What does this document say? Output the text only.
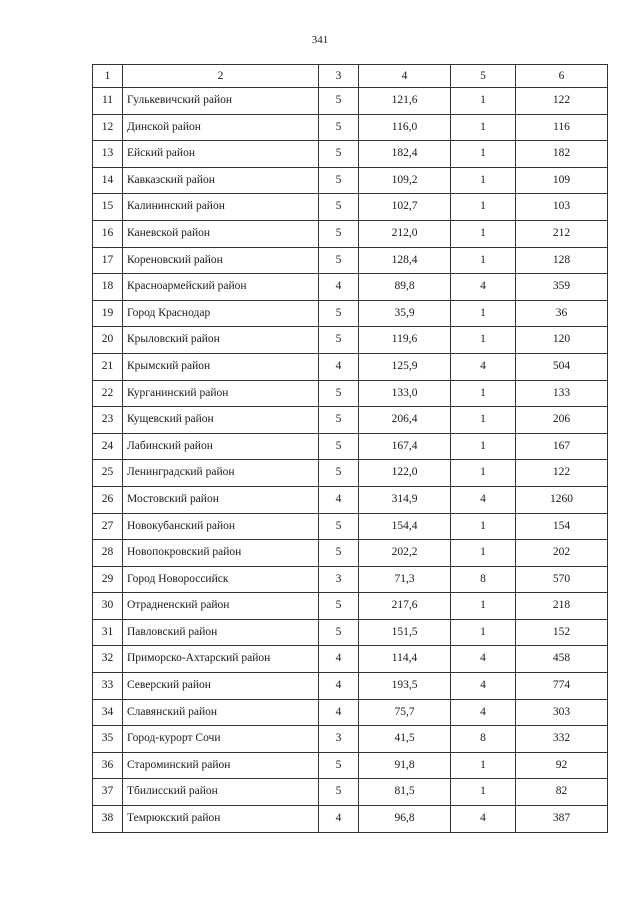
341
1	2	3	4	5	6
11	Гулькевичский район	5	121,6	1	122
12	Динской район	5	116,0	1	116
13	Ейский район	5	182,4	1	182
14	Кавказский район	5	109,2	1	109
15	Калининский район	5	102,7	1	103
16	Каневской район	5	212,0	1	212
17	Кореновский район	5	128,4	1	128
18	Красноармейский район	4	89,8	4	359
19	Город Краснодар	5	35,9	1	36
20	Крыловский район	5	119,6	1	120
21	Крымский район	4	125,9	4	504
22	Курганинский район	5	133,0	1	133
23	Кущевский район	5	206,4	1	206
24	Лабинский район	5	167,4	1	167
25	Ленинградский район	5	122,0	1	122
26	Мостовский район	4	314,9	4	1260
27	Новокубанский район	5	154,4	1	154
28	Новопокровский район	5	202,2	1	202
29	Город Новороссийск	3	71,3	8	570
30	Отрадненский район	5	217,6	1	218
31	Павловский район	5	151,5	1	152
32	Приморско-Ахтарский район	4	114,4	4	458
33	Северский район	4	193,5	4	774
34	Славянский район	4	75,7	4	303
35	Город-курорт Сочи	3	41,5	8	332
36	Староминский район	5	91,8	1	92
37	Тбилисский район	5	81,5	1	82
38	Темрюкский район	4	96,8	4	387
